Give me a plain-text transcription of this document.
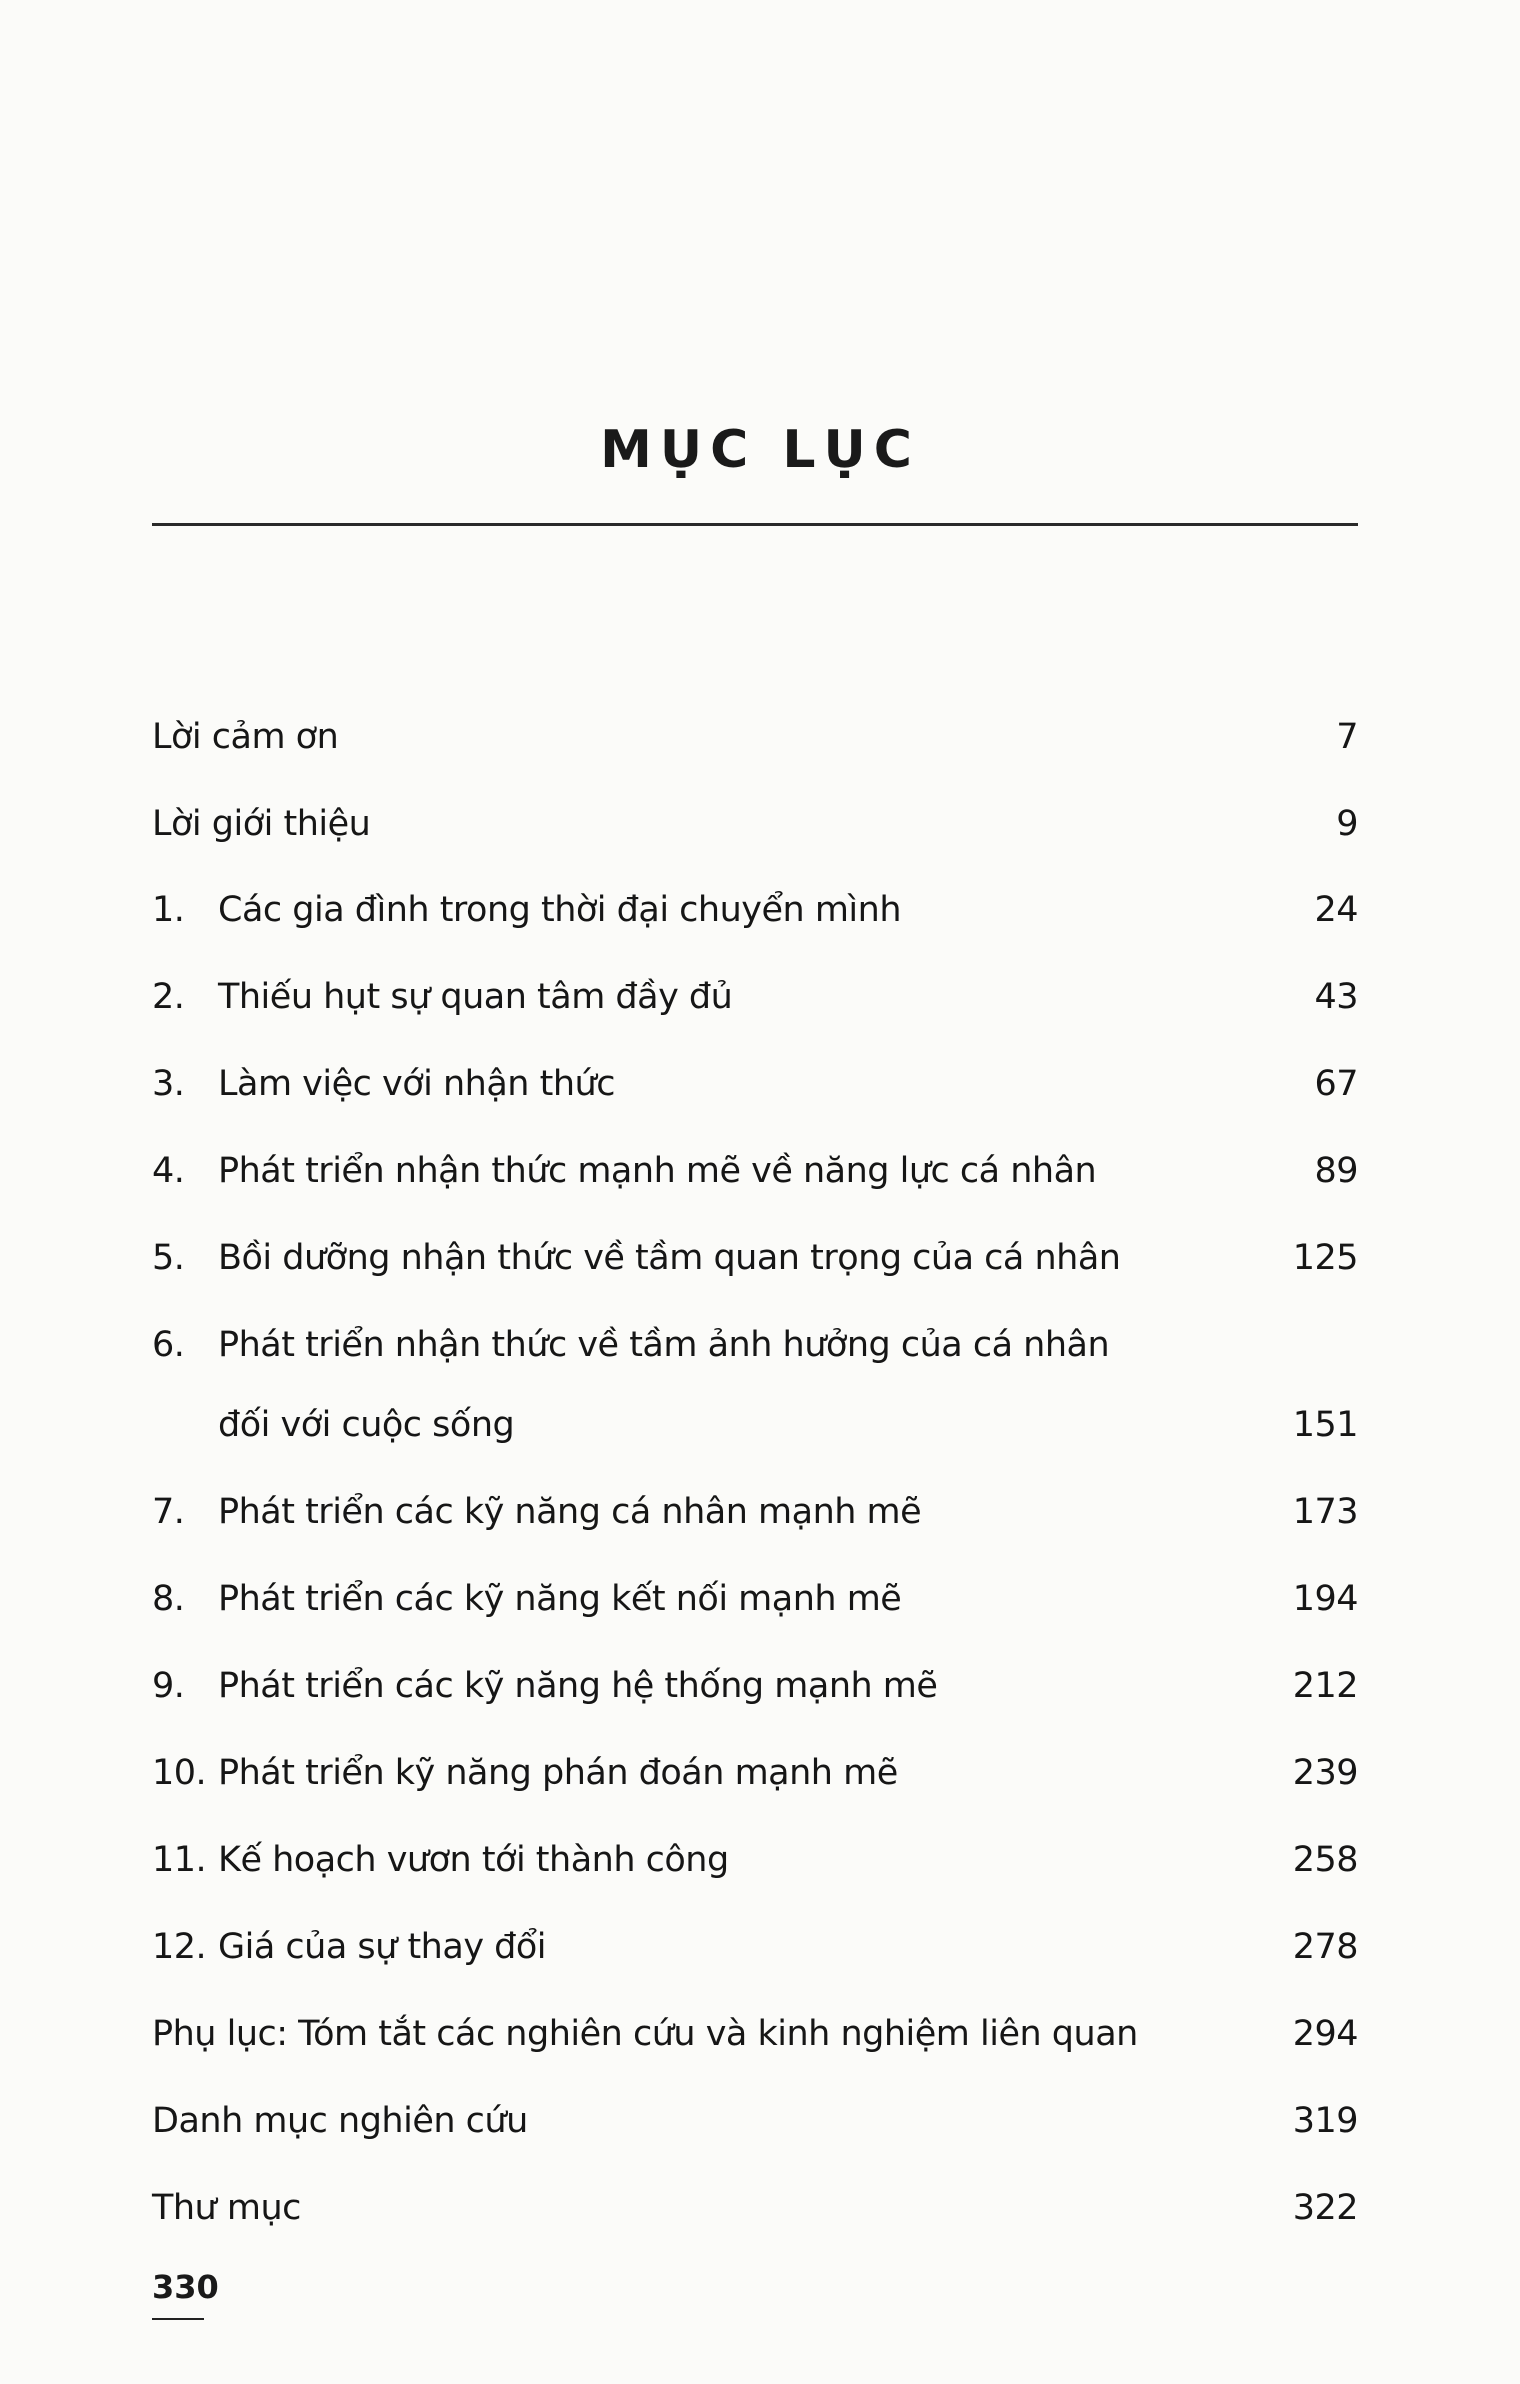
MỤC LỤC
Lời cảm ơn	7
Lời giới thiệu	9
1. Các gia đình trong thời đại chuyển mình	24
2. Thiếu hụt sự quan tâm đầy đủ	43
3. Làm việc với nhận thức	67
4. Phát triển nhận thức mạnh mẽ về năng lực cá nhân	89
5. Bồi dưỡng nhận thức về tầm quan trọng của cá nhân	125
6. Phát triển nhận thức về tầm ảnh hưởng của cá nhân
đối với cuộc sống	151
7. Phát triển các kỹ năng cá nhân mạnh mẽ	173
8. Phát triển các kỹ năng kết nối mạnh mẽ	194
9. Phát triển các kỹ năng hệ thống mạnh mẽ	212
10. Phát triển kỹ năng phán đoán mạnh mẽ	239
11. Kế hoạch vươn tới thành công	258
12. Giá của sự thay đổi	278
Phụ lục: Tóm tắt các nghiên cứu và kinh nghiệm liên quan	294
Danh mục nghiên cứu	319
Thư mục	322
330
